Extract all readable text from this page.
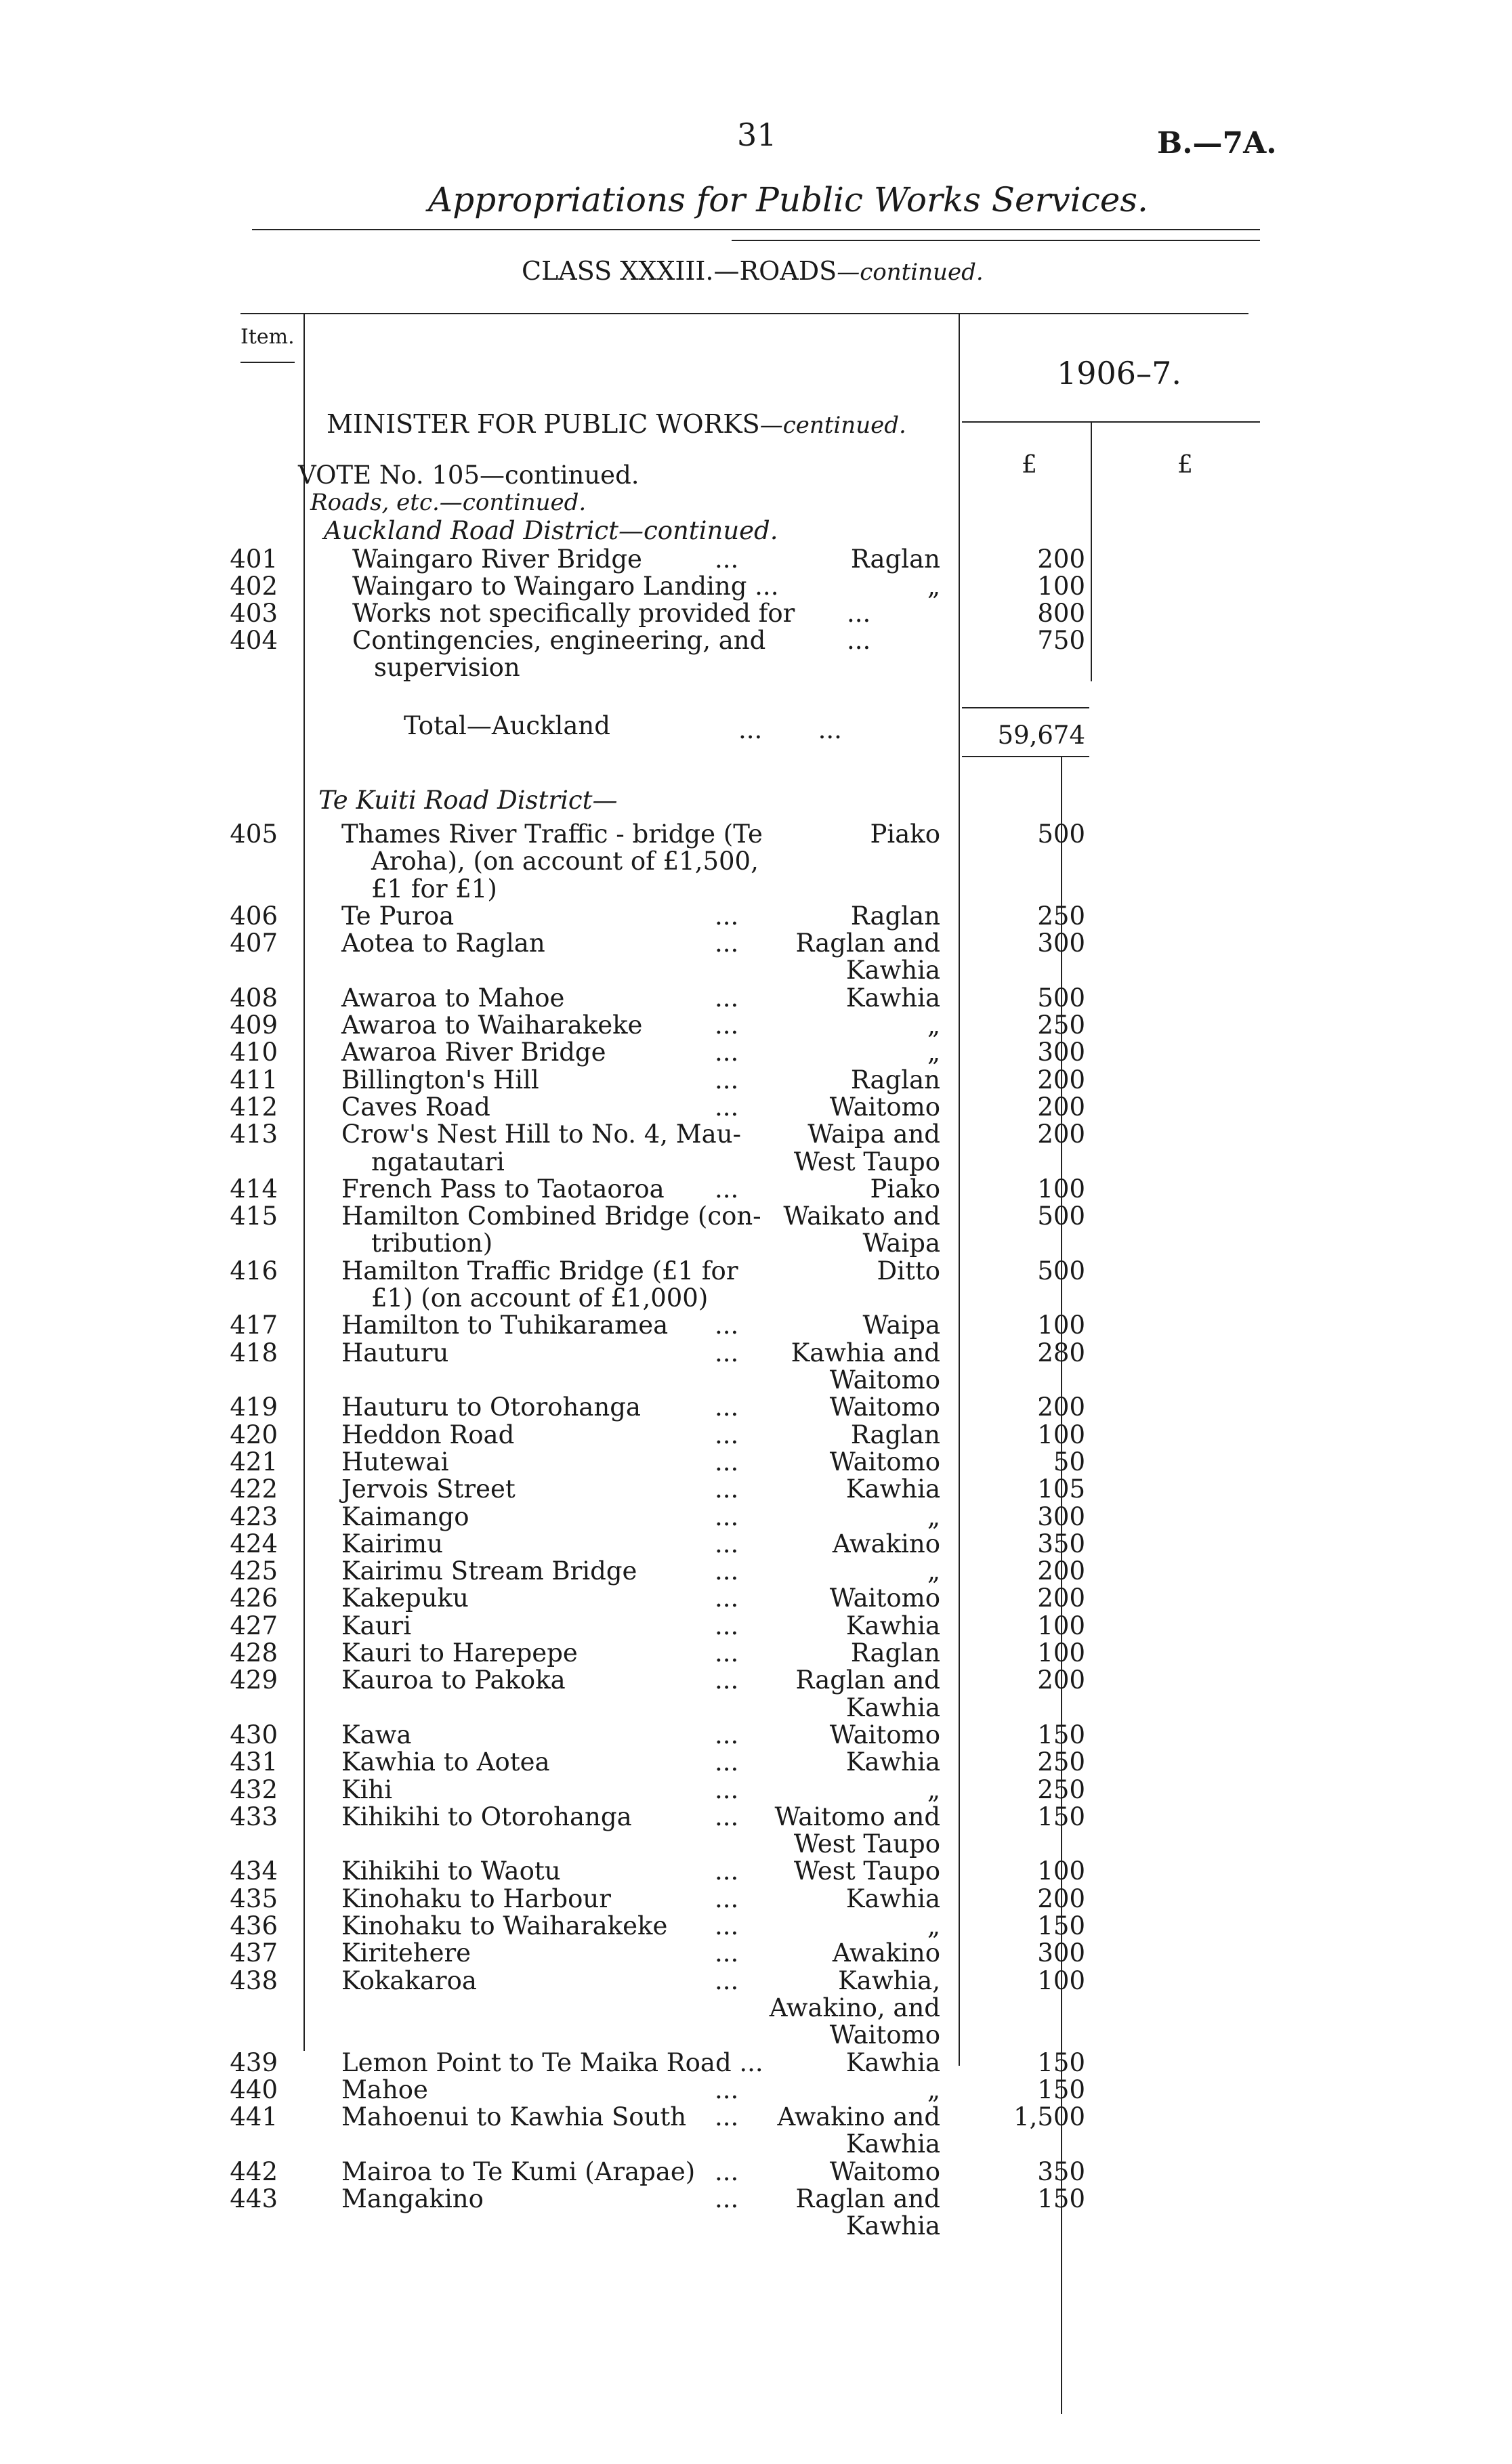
31	B.—7A.
Appropriations for Public Works Services.
CLASS XXXIII.—ROADS—continued.
Item.
1906–7.
MINISTER FOR PUBLIC WORKS—centinued.
£	£
VOTE No. 105—continued.
Roads, etc.—continued.
Auckland Road District—continued.
401	Waingaro River Bridge	...	Raglan	200
402	Waingaro to Waingaro Landing ...	„	100
403	Works not specifically provided for ...	800
404	Contingencies, engineering, and	...	750
supervision
Total—Auckland	...       ...	59,674
Te Kuiti Road District—
405	Thames River Traffic - bridge (Te	Piako	500
Aroha), (on account of £1,500,
£1 for £1)
406	Te Puroa	...	Raglan	250
407	Aotea to Raglan	...	Raglan and	300
Kawhia
408	Awaroa to Mahoe	...	Kawhia	500
409	Awaroa to Waiharakeke	...	„	250
410	Awaroa River Bridge	...	„	300
411	Billington's Hill	...	Raglan	200
412	Caves Road	...	Waitomo	200
413	Crow's Nest Hill to No. 4, Mau-	Waipa and	200
ngatautari	West Taupo
414	French Pass to Taotaoroa ...	Piako	100
415	Hamilton Combined Bridge (con- Waikato and	500
tribution)	Waipa
416	Hamilton Traffic Bridge (£1 for	Ditto	500
£1) (on account of £1,000)
417	Hamilton to Tuhikaramea ...	Waipa	100
418	Hauturu	...	Kawhia and	280
Waitomo
419	Hauturu to Otorohanga	...	Waitomo	200
420	Heddon Road	...	Raglan	100
421	Hutewai	...	Waitomo	50
422	Jervois Street	...	Kawhia	105
423	Kaimango	...	„	300
424	Kairimu	...	Awakino	350
425	Kairimu Stream Bridge	...	„	200
426	Kakepuku	...	Waitomo	200
427	Kauri	...	Kawhia	100
428	Kauri to Harepepe	...	Raglan	100
429	Kauroa to Pakoka	...	Raglan and	200
Kawhia
430	Kawa	...	Waitomo	150
431	Kawhia to Aotea	...	Kawhia	250
432	Kihi	...	„	250
433	Kihikihi to Otorohanga	...	Waitomo and	150
West Taupo
434	Kihikihi to Waotu	...	West Taupo	100
435	Kinohaku to Harbour	...	Kawhia	200
436	Kinohaku to Waiharakeke ...	„	150
437	Kiritehere	...	Awakino	300
438	Kokakaroa	...	Kawhia,	100
Awakino, and
Waitomo
439	Lemon Point to Te Maika Road ...	Kawhia	150
440	Mahoe	...	„	150
441	Mahoenui to Kawhia South ...	Awakino and	1,500
Kawhia
442	Mairoa to Te Kumi (Arapae) ...	Waitomo	350
443	Mangakino	...	Raglan and	150
Kawhia
